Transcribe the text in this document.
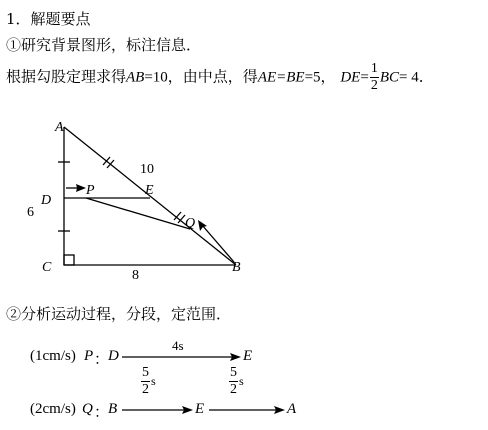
1．解题要点
①研究背景图形，标注信息．
根据勾股定理求得AB=10，由中点，得AE=BE=5， $DE= \frac{1}{2} BC= 4$．
A
D
C	B
E
P
Q
10
6
8
②分析运动过程，分段，定范围．
(1cm/s) P ：
D
4s
E
(2cm/s) Q ：
B	E	A
$\frac{5}{2}$ s	$\frac{5}{2}$ s
